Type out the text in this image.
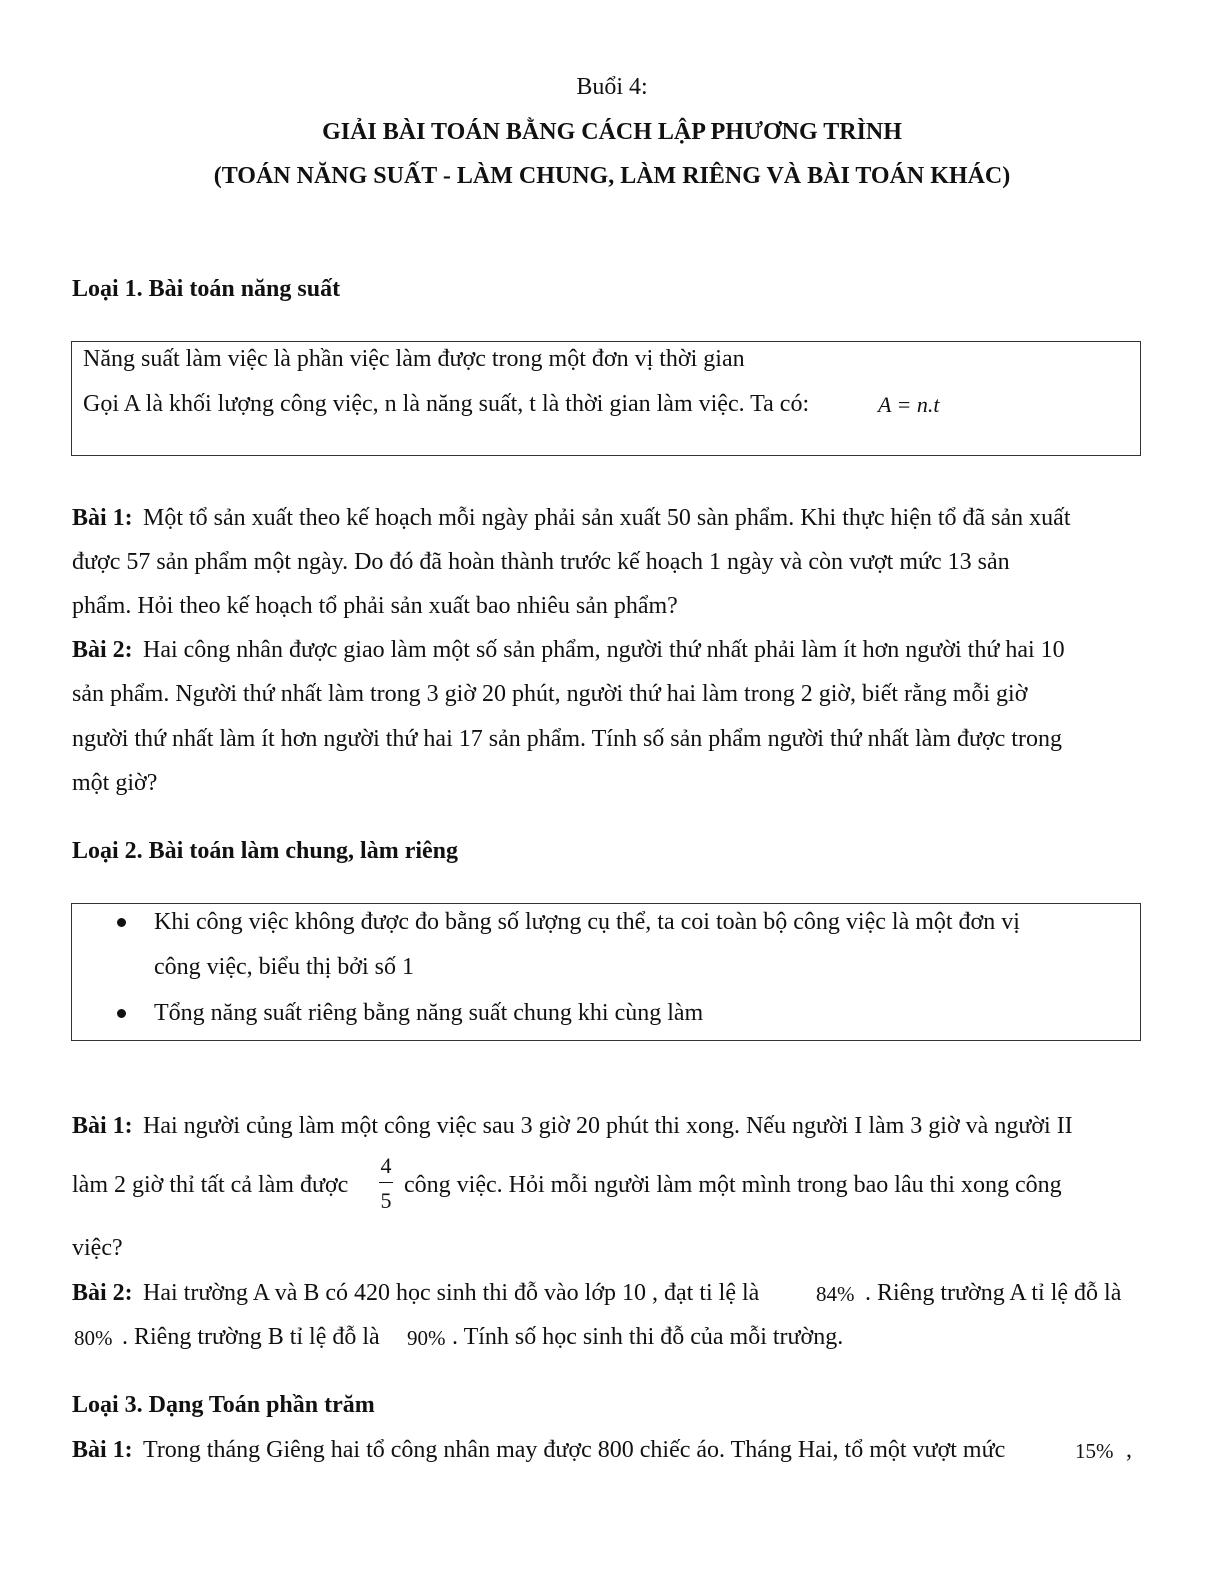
Buổi 4:
GIẢI BÀI TOÁN BẰNG CÁCH LẬP PHƯƠNG TRÌNH
(TOÁN NĂNG SUẤT - LÀM CHUNG, LÀM RIÊNG VÀ BÀI TOÁN KHÁC)
Loại 1. Bài toán năng suất
Năng suất làm việc là phần việc làm được trong một đơn vị thời gian
Gọi A là khối lượng công việc, n là năng suất, t là thời gian làm việc. Ta có:	A = n.t
Bài 1: Một tổ sản xuất theo kế hoạch mỗi ngày phải sản xuất 50 sàn phẩm. Khi thực hiện tổ đã sản xuất
được 57 sản phẩm một ngày. Do đó đã hoàn thành trước kế hoạch 1 ngày và còn vượt mức 13 sản
phẩm. Hỏi theo kế hoạch tổ phải sản xuất bao nhiêu sản phẩm?
Bài 2: Hai công nhân được giao làm một số sản phẩm, người thứ nhất phải làm ít hơn người thứ hai 10
sản phẩm. Người thứ nhất làm trong 3 giờ 20 phút, người thứ hai làm trong 2 giờ, biết rằng mỗi giờ
người thứ nhất làm ít hơn người thứ hai 17 sản phẩm. Tính số sản phẩm người thứ nhất làm được trong
một giờ?
Loại 2. Bài toán làm chung, làm riêng
Khi công việc không được đo bằng số lượng cụ thể, ta coi toàn bộ công việc là một đơn vị
công việc, biểu thị bởi số 1
Tổng năng suất riêng bằng năng suất chung khi cùng làm
Bài 1: Hai người củng làm một công việc sau 3 giờ 20 phút thi xong. Nếu người I làm 3 giờ và người II
làm 2 giờ thỉ tất cả làm được
4
5
công việc. Hỏi mỗi người làm một mình trong bao lâu thi xong công
việc?
Bài 2: Hai trường A và B có 420 học sinh thi đỗ vào lớp 10 , đạt ti lệ là	84% . Riêng trường A tỉ lệ đỗ là
80% . Riêng trường B tỉ lệ đỗ là 90% . Tính số học sinh thi đỗ của mỗi trường.
Loại 3. Dạng Toán phần trăm
Bài 1: Trong tháng Giêng hai tổ công nhân may được 800 chiếc áo. Tháng Hai, tổ một vượt mức	15% ,
